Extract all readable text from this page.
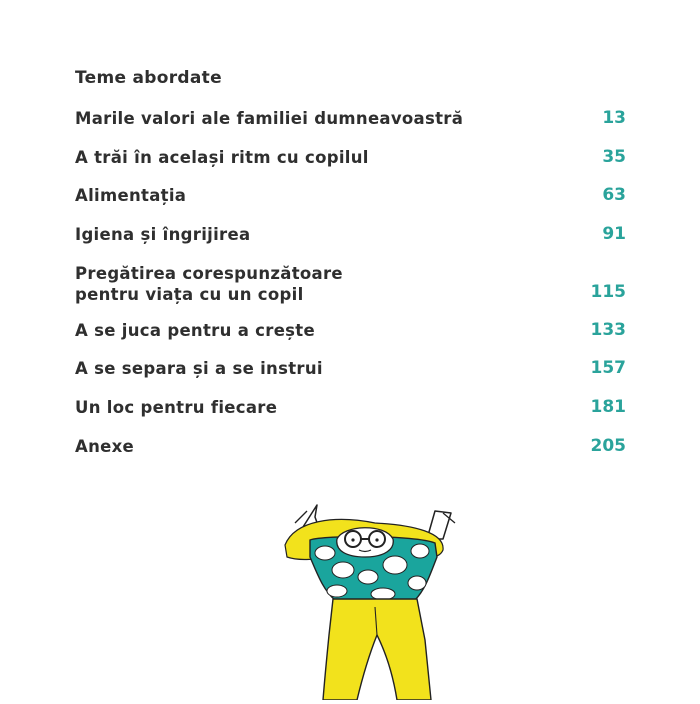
Teme abordate
Marile valori ale familiei dumneavoastră	13
A trăi în același ritm cu copilul	35
Alimentația	63
Igiena și îngrijirea	91
Pregătirea corespunzătoare
pentru viața cu un copil	115
A se juca pentru a crește	133
A se separa și a se instrui	157
Un loc pentru fiecare	181
Anexe	205
